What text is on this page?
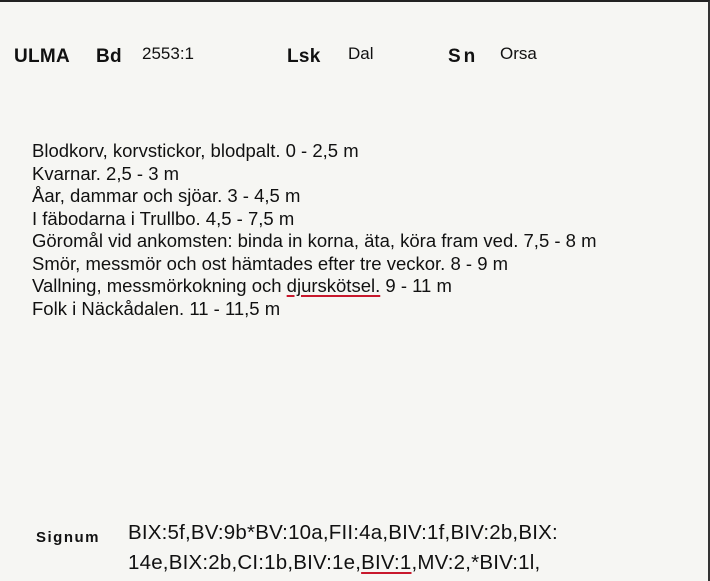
ULMA Bd 2553:1	Lsk Dal	Sn Orsa
Blodkorv, korvstickor, blodpalt. 0 - 2,5 m
Kvarnar. 2,5 - 3 m
Åar, dammar och sjöar. 3 - 4,5 m
I fäbodarna i Trullbo. 4,5 - 7,5 m
Göromål vid ankomsten: binda in korna, äta, köra fram ved. 7,5 - 8 m
Smör, messmör och ost hämtades efter tre veckor. 8 - 9 m
Vallning, messmörkokning och djurskötsel. 9 - 11 m
Folk i Näckådalen. 11 - 11,5 m
Signum BIX:5f,BV:9b*BV:10a,FII:4a,BIV:1f,BIV:2b,BIX:
14e,BIX:2b,CI:1b,BIV:1e,BIV:1,MV:2,*BIV:1l,
